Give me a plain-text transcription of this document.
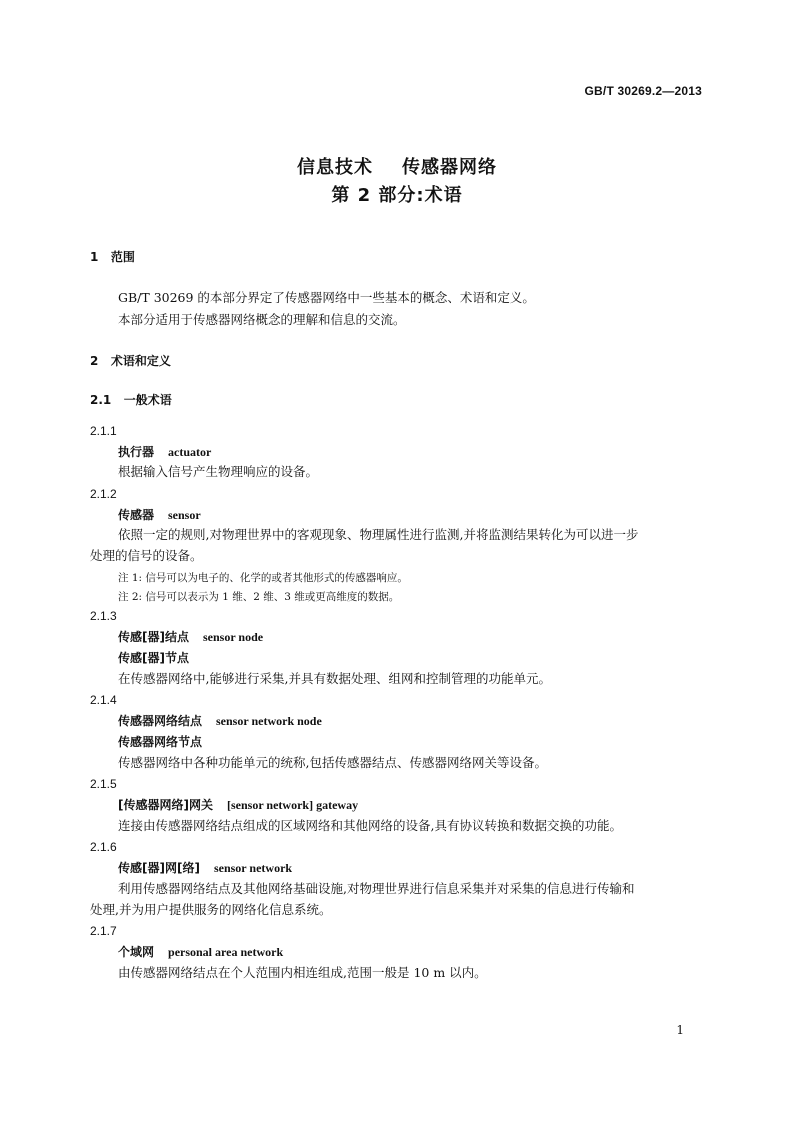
GB/T 30269.2—2013
信息技术    传感器网络
第 2 部分:术语
1   范围
GB/T 30269 的本部分界定了传感器网络中一些基本的概念、术语和定义。
本部分适用于传感器网络概念的理解和信息的交流。
2   术语和定义
2.1   一般术语
2.1.1
执行器 actuator
根据输入信号产生物理响应的设备。
2.1.2
传感器 sensor
依照一定的规则,对物理世界中的客观现象、物理属性进行监测,并将监测结果转化为可以进一步
处理的信号的设备。
注 1: 信号可以为电子的、化学的或者其他形式的传感器响应。
注 2: 信号可以表示为 1 维、2 维、3 维或更高维度的数据。
2.1.3
传感[器]结点 sensor node
传感[器]节点
在传感器网络中,能够进行采集,并具有数据处理、组网和控制管理的功能单元。
2.1.4
传感器网络结点 sensor network node
传感器网络节点
传感器网络中各种功能单元的统称,包括传感器结点、传感器网络网关等设备。
2.1.5
[传感器网络]网关 [sensor network] gateway
连接由传感器网络结点组成的区域网络和其他网络的设备,具有协议转换和数据交换的功能。
2.1.6
传感[器]网[络] sensor network
利用传感器网络结点及其他网络基础设施,对物理世界进行信息采集并对采集的信息进行传输和
处理,并为用户提供服务的网络化信息系统。
2.1.7
个域网 personal area network
由传感器网络结点在个人范围内相连组成,范围一般是 10 m 以内。
1
